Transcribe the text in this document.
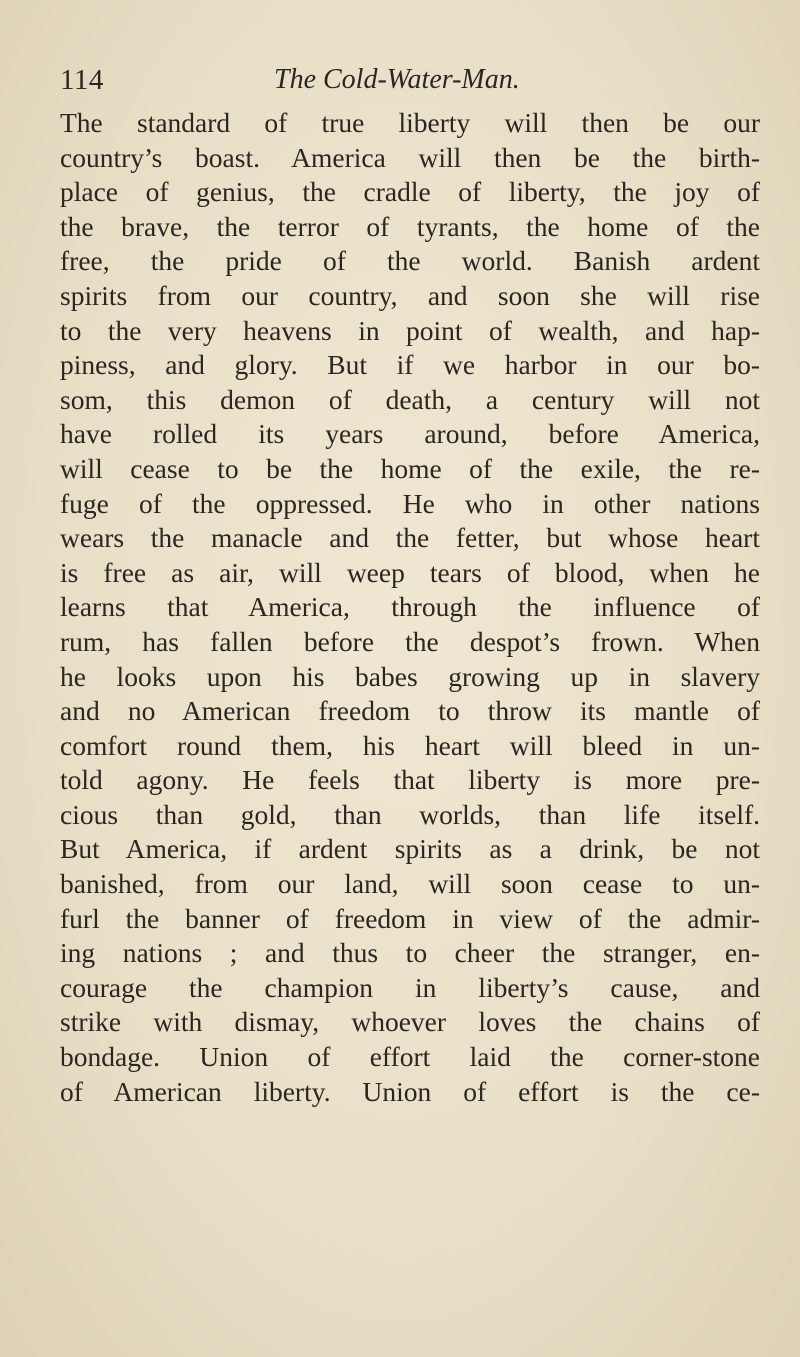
114	The Cold-Water-Man.
The standard of true liberty will then be our
country’s boast. America will then be the birth-
place of genius, the cradle of liberty, the joy of
the brave, the terror of tyrants, the home of the
free, the pride of the world. Banish ardent
spirits from our country, and soon she will rise
to the very heavens in point of wealth, and hap-
piness, and glory. But if we harbor in our bo-
som, this demon of death, a century will not
have rolled its years around, before America,
will cease to be the home of the exile, the re-
fuge of the oppressed. He who in other nations
wears the manacle and the fetter, but whose heart
is free as air, will weep tears of blood, when he
learns that America, through the influence of
rum, has fallen before the despot’s frown. When
he looks upon his babes growing up in slavery
and no American freedom to throw its mantle of
comfort round them, his heart will bleed in un-
told agony. He feels that liberty is more pre-
cious than gold, than worlds, than life itself.
But America, if ardent spirits as a drink, be not
banished, from our land, will soon cease to un-
furl the banner of freedom in view of the admir-
ing nations ; and thus to cheer the stranger, en-
courage the champion in liberty’s cause, and
strike with dismay, whoever loves the chains of
bondage. Union of effort laid the corner-stone
of American liberty. Union of effort is the ce-
